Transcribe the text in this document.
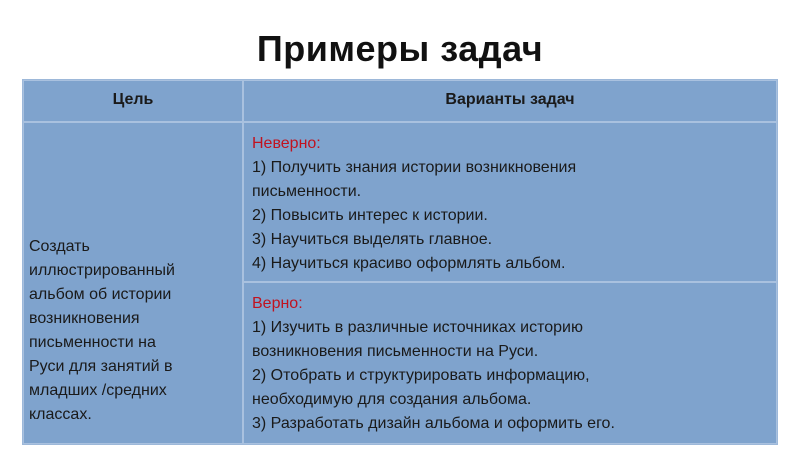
Примеры задач
Цель	Варианты задач
Создать
иллюстрированный
альбом об истории
возникновения
письменности на
Руси для занятий в
младших /средних
классах.
Неверно:
1) Получить знания истории возникновения
письменности.
2) Повысить интерес к истории.
3) Научиться выделять главное.
4) Научиться красиво оформлять альбом.
Верно:
1) Изучить в различные источниках историю
возникновения письменности на Руси.
2) Отобрать и структурировать информацию,
необходимую для создания альбома.
3) Разработать дизайн альбома и оформить его.
